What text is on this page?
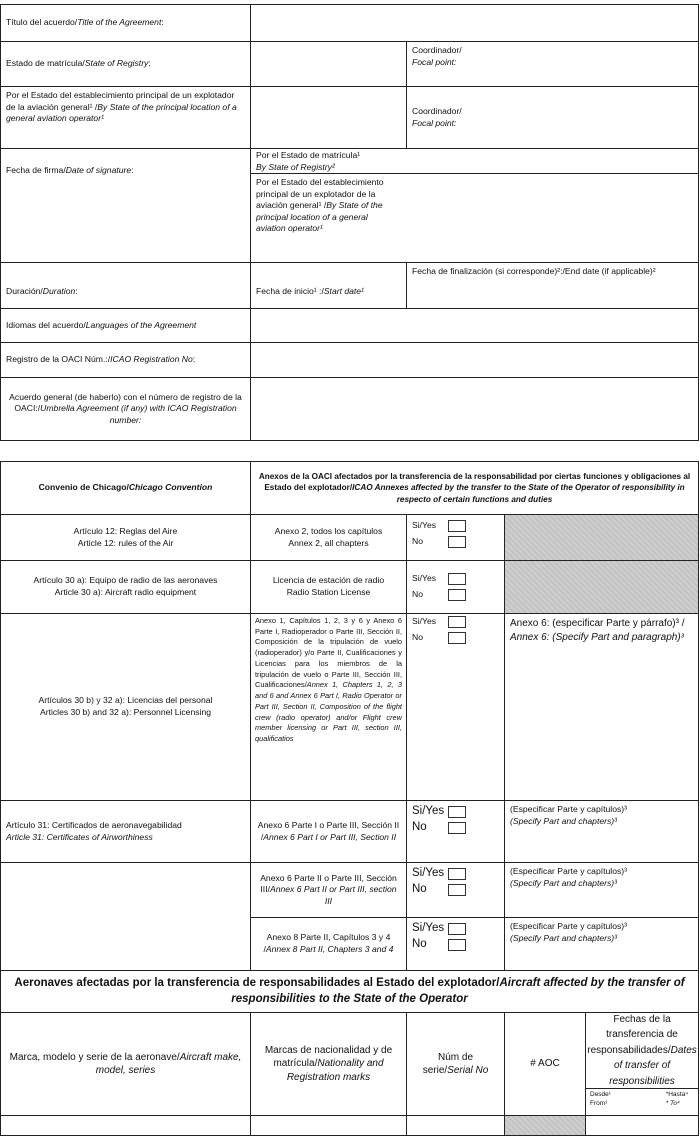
Título del acuerdo/Title of the Agreement:
Estado de matrícula/State of Registry:
Coordinador/
Focal point:
Por el Estado del establecimiento principal de un explotador de la aviación general¹ /By State of the principal location of a general aviation operator¹
Coordinador/
Focal point:
Fecha de firma/Date of signature:
Por el Estado de matrícula¹
By State of Registry²
Por el Estado del establecimiento principal de un explotador de la aviación general¹ /By State of the principal location of a general aviation operator¹
Duración/Duration:	Fecha de inicio¹ :/Start date¹
Fecha de finalización (si corresponde)²:/End date (if applicable)²
Idiomas del acuerdo/Languages of the Agreement
Registro de la OACI Núm.:/ICAO Registration No:
Acuerdo general (de haberlo) con el número de registro de la OACI:/Umbrella Agreement (if any) with ICAO Registration number:
Convenio de Chicago/Chicago Convention
Anexos de la OACI afectados por la transferencia de la responsabilidad por ciertas funciones y obligaciones al Estado del explotador/ICAO Annexes affected by the transfer to the State of the Operator of responsibility in respecto of certain functions and duties
Artículo 12: Reglas del Aire
Article 12: rules of the Air
Anexo 2, todos los capítulos
Annex 2, all chapters
Si/Yes
No
Artículo 30 a): Equipo de radio de las aeronaves
Article 30 a): Aircraft radio equipment
Licencia de estación de radio
Radio Station License
Si/Yes
No
Artículos 30 b) y 32 a): Licencias del personal
Articles 30 b) and 32 a): Personnel Licensing
Anexo 1, Capítulos 1, 2, 3 y 6 y Anexo 6 Parte I, Radioperador o Parte III, Sección II, Composición de la tripulación de vuelo (radioperador) y/o Parte II, Cualificaciones y Licencias para los miembros de la tripulación de vuelo o Parte III, Sección III, Cualificaciones/Annex 1, Chapters 1, 2, 3 and 6 and Annex 6 Part I, Radio Operator or Part III, Section II, Composition of the flight crew (radio operator) and/or Flight crew member licensing or Part III, section III, qualificatios
Si/Yes
No
Anexo 6: (especificar Parte y párrafo)³ / Annex 6: (Specify Part and paragraph)³
Artículo 31: Certificados de aeronavegabilidad
Article 31: Certificates of Airworthiness
Anexo 6 Parte I o Parte III, Sección II /Annex 6 Part I or Part III, Section II
Si/Yes
No
(Especificar Parte y capítulos)³
(Specify Part and chapters)³
Anexo 6 Parte II o Parte III, Sección III/Annex 6 Part II or Part III, section III
Si/Yes
No
(Especificar Parte y capítulos)³
(Specify Part and chapters)³
Anexo 8 Parte II, Capítulos 3 y 4 /Annex 8 Part II, Chapters 3 and 4
Si/Yes
No
(Especificar Parte y capítulos)³
(Specify Part and chapters)³
Aeronaves afectadas por la transferencia de responsabilidades al Estado del explotador/Aircraft affected by the transfer of responsibilities to the State of the Operator
Marca, modelo y serie de la aeronave/Aircraft make, model, series
Marcas de nacionalidad y de matrícula/Nationality and Registration marks
Núm de serie/Serial No
# AOC
Fechas de la transferencia de responsabilidades/Dates of transfer of responsibilities
Desde¹
From¹
*Hasta⁴
* To⁴
